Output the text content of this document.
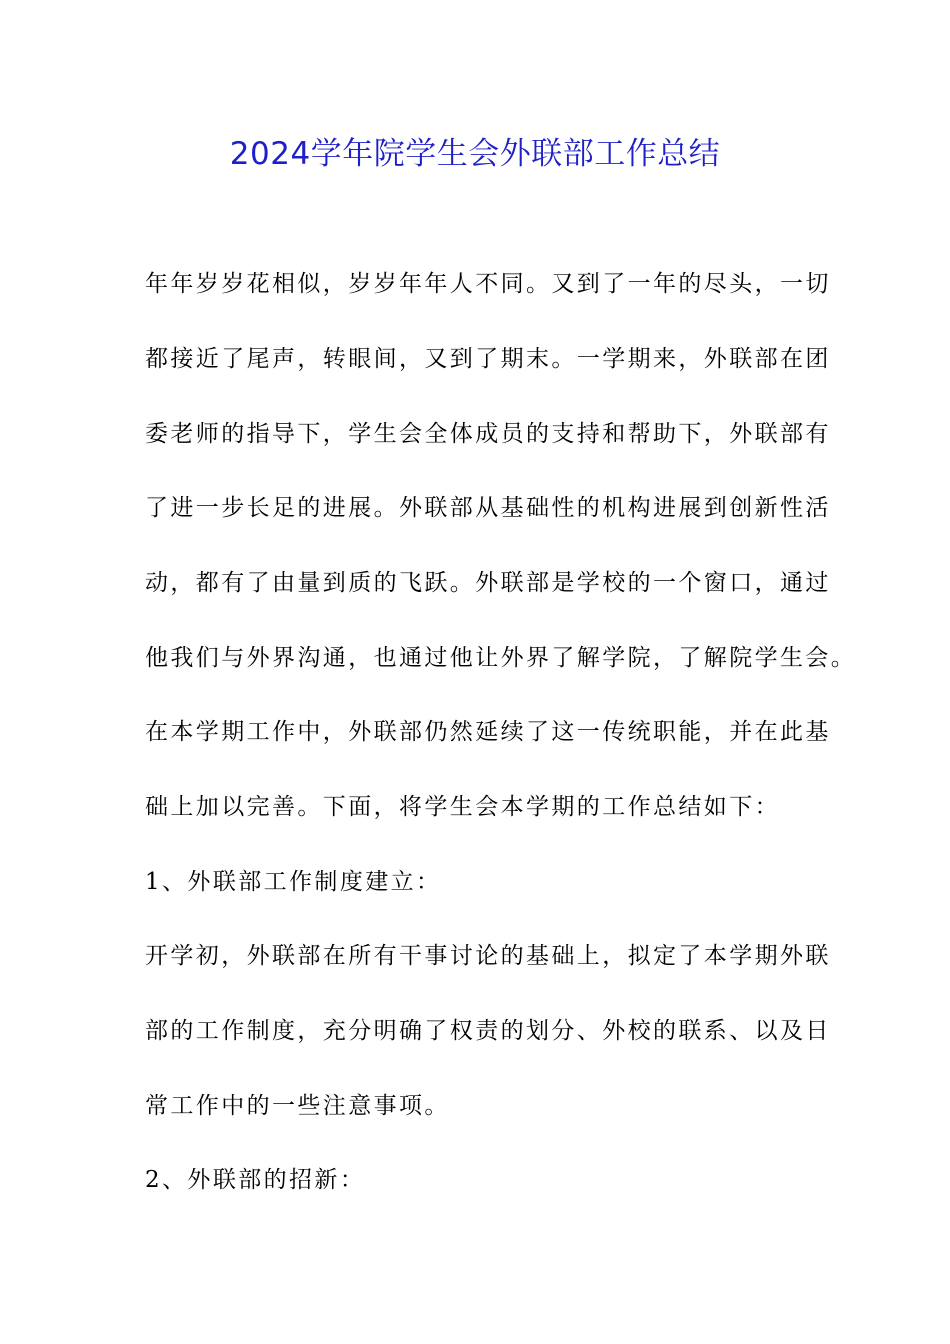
2024学年院学生会外联部工作总结
年年岁岁花相似，岁岁年年人不同。又到了一年的尽头，一切
都接近了尾声，转眼间，又到了期末。一学期来，外联部在团
委老师的指导下，学生会全体成员的支持和帮助下，外联部有
了进一步长足的进展。外联部从基础性的机构进展到创新性活
动，都有了由量到质的飞跃。外联部是学校的一个窗口，通过
他我们与外界沟通，也通过他让外界了解学院，了解院学生会。
在本学期工作中，外联部仍然延续了这一传统职能，并在此基
础上加以完善。下面，将学生会本学期的工作总结如下：
1、外联部工作制度建立：
开学初，外联部在所有干事讨论的基础上，拟定了本学期外联
部的工作制度，充分明确了权责的划分、外校的联系、以及日
常工作中的一些注意事项。
2、外联部的招新：
